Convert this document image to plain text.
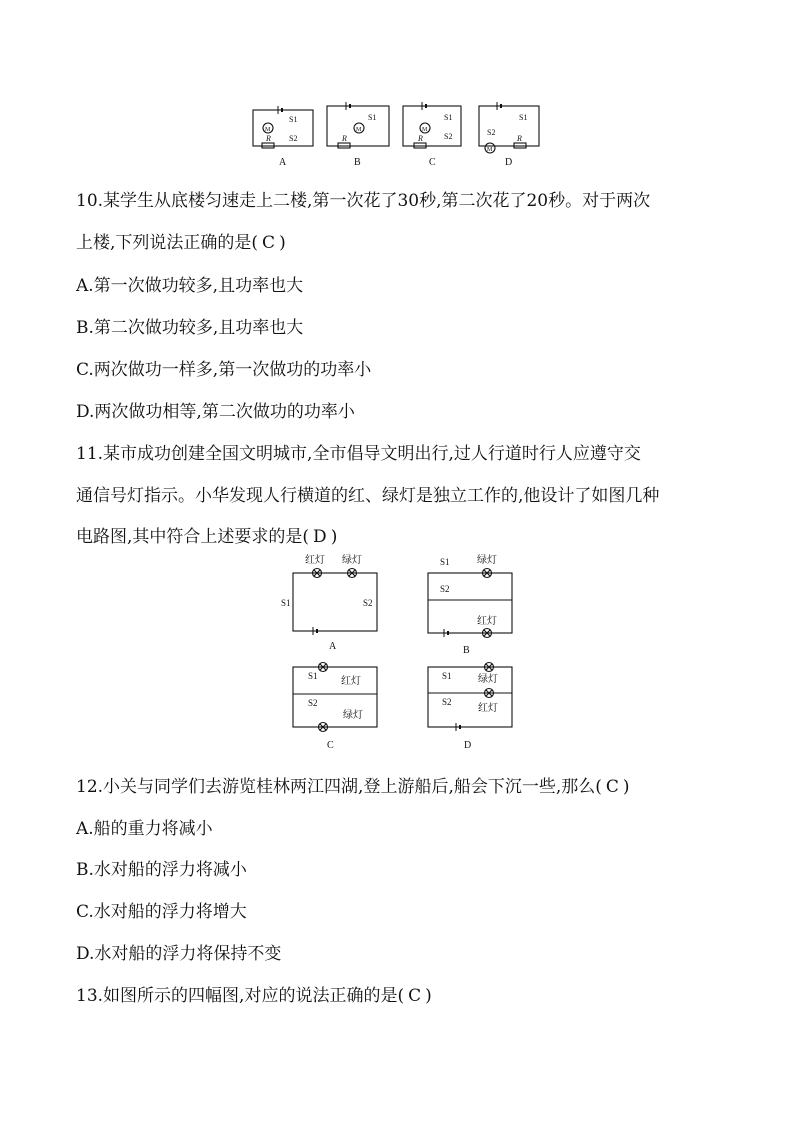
M
S1
S2
R
A
M
S1
R
B
M
S1
S2
R
C
M
S1
S2
R
D
10.某学生从底楼匀速走上二楼,第一次花了30秒,第二次花了20秒。对于两次
上楼,下列说法正确的是( C )
A.第一次做功较多,且功率也大
B.第二次做功较多,且功率也大
C.两次做功一样多,第一次做功的功率小
D.两次做功相等,第二次做功的功率小
11.某市成功创建全国文明城市,全市倡导文明出行,过人行道时行人应遵守交
通信号灯指示。小华发现人行横道的红、绿灯是独立工作的,他设计了如图几种
电路图,其中符合上述要求的是( D )
红灯 绿灯
S1	S2
A
S1	绿灯
S2
红灯
B
S1 红灯
S2
绿灯
C
S1	绿灯
S2
红灯
D
12.小关与同学们去游览桂林两江四湖,登上游船后,船会下沉一些,那么( C )
A.船的重力将减小
B.水对船的浮力将减小
C.水对船的浮力将增大
D.水对船的浮力将保持不变
13.如图所示的四幅图,对应的说法正确的是( C )
